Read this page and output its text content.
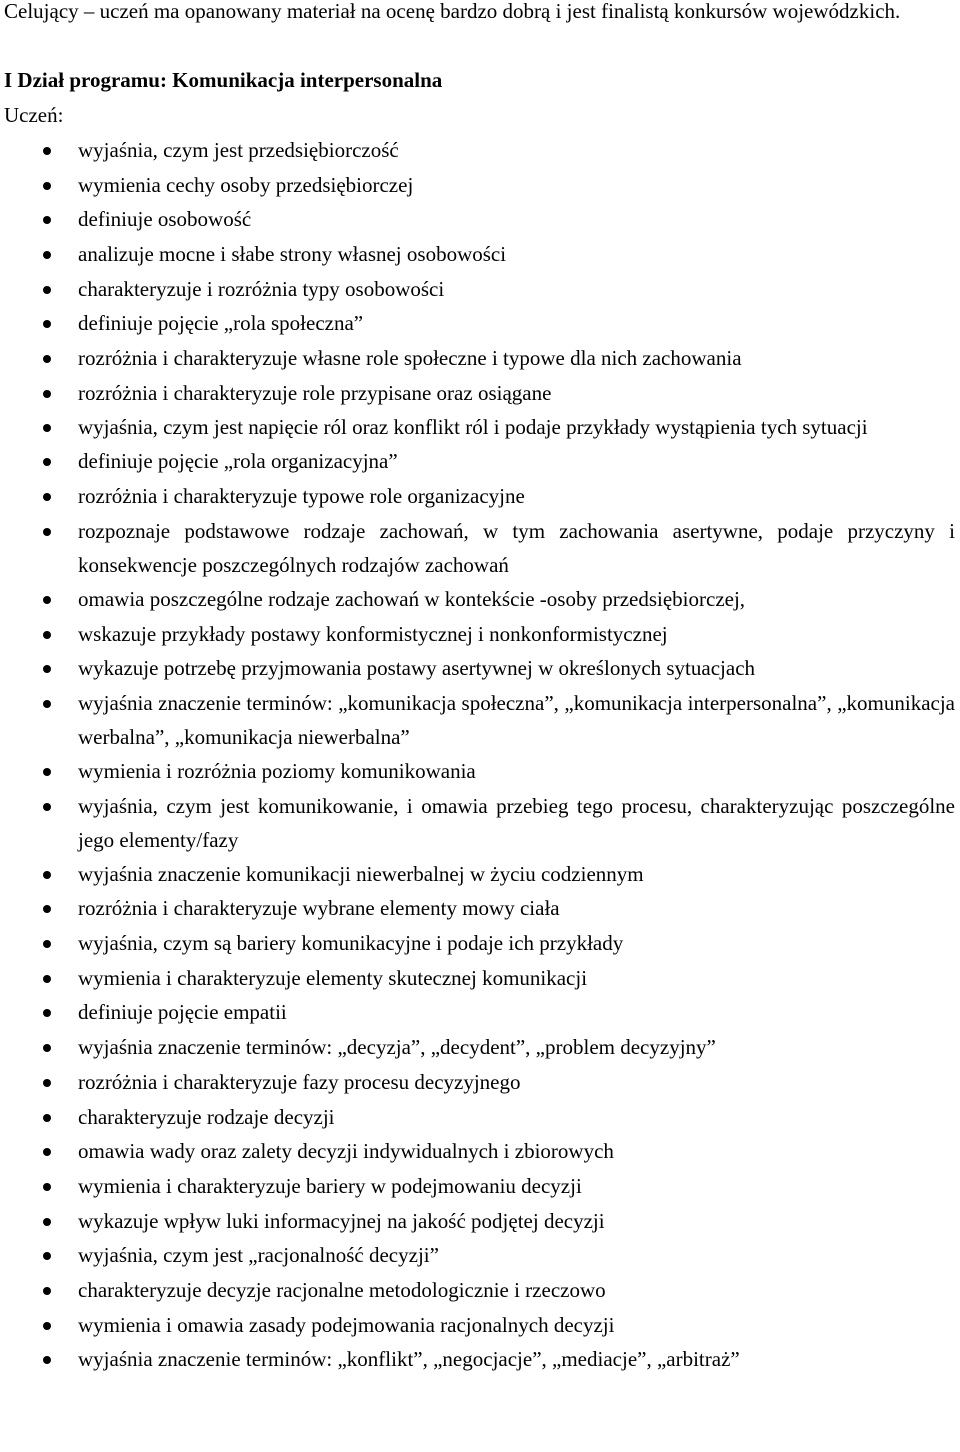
Celujący – uczeń ma opanowany materiał na ocenę bardzo dobrą i jest finalistą konkursów wojewódzkich.

I Dział programu: Komunikacja interpersonalna

Uczeń:

wyjaśnia, czym jest przedsiębiorczość
wymienia cechy osoby przedsiębiorczej
definiuje osobowość
analizuje mocne i słabe strony własnej osobowości
charakteryzuje i rozróżnia typy osobowości
definiuje pojęcie „rola społeczna”
rozróżnia i charakteryzuje własne role społeczne i typowe dla nich zachowania
rozróżnia i charakteryzuje role przypisane oraz osiągane
wyjaśnia, czym jest napięcie ról oraz konflikt ról i podaje przykłady wystąpienia tych sytuacji
definiuje pojęcie „rola organizacyjna”
rozróżnia i charakteryzuje typowe role organizacyjne
rozpoznaje podstawowe rodzaje zachowań, w tym zachowania asertywne, podaje przyczyny i konsekwencje poszczególnych rodzajów zachowań
omawia poszczególne rodzaje zachowań w kontekście -osoby przedsiębiorczej,
wskazuje przykłady postawy konformistycznej i nonkonformistycznej
wykazuje potrzebę przyjmowania postawy asertywnej w określonych sytuacjach
wyjaśnia znaczenie terminów: „komunikacja społeczna”, „komunikacja interpersonalna”, „komunikacja werbalna”, „komunikacja niewerbalna”
wymienia i rozróżnia poziomy komunikowania
wyjaśnia, czym jest komunikowanie, i omawia przebieg tego procesu, charakteryzując poszczególne jego elementy/fazy
wyjaśnia znaczenie komunikacji niewerbalnej w życiu codziennym
rozróżnia i charakteryzuje wybrane elementy mowy ciała
wyjaśnia, czym są bariery komunikacyjne i podaje ich przykłady
wymienia i charakteryzuje elementy skutecznej komunikacji
definiuje pojęcie empatii
wyjaśnia znaczenie terminów: „decyzja”, „decydent”, „problem decyzyjny”
rozróżnia i charakteryzuje fazy procesu decyzyjnego
charakteryzuje rodzaje decyzji
omawia wady oraz zalety decyzji indywidualnych i zbiorowych
wymienia i charakteryzuje bariery w podejmowaniu decyzji
wykazuje wpływ luki informacyjnej na jakość podjętej decyzji
wyjaśnia, czym jest „racjonalność decyzji”
charakteryzuje decyzje racjonalne metodologicznie i rzeczowo
wymienia i omawia zasady podejmowania racjonalnych decyzji
wyjaśnia znaczenie terminów: „konflikt”, „negocjacje”, „mediacje”, „arbitraż”
